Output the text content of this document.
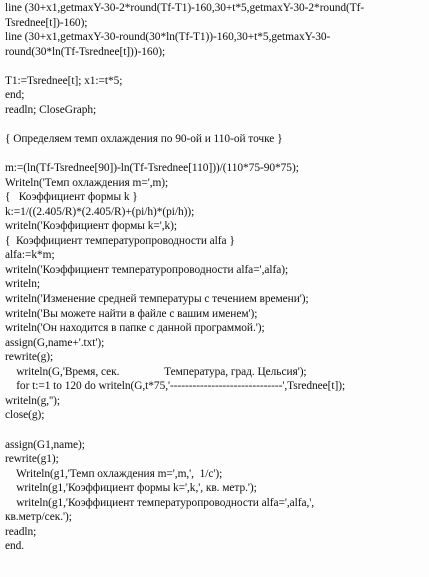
line (30+x1,getmaxY-30-2*round(Tf-T1)-160,30+t*5,getmaxY-30-2*round(Tf-
Tsrednee[t])-160);
line (30+x1,getmaxY-30-round(30*ln(Tf-T1))-160,30+t*5,getmaxY-30-
round(30*ln(Tf-Tsrednee[t]))-160);
T1:=Tsrednee[t]; x1:=t*5;
end;
readln; CloseGraph;
{ Определяем темп охлаждения по 90-ой и 110-ой точке }
m:=(ln(Tf-Tsrednee[90])-ln(Tf-Tsrednee[110]))/(110*75-90*75);
Writeln('Темп охлаждения m=',m);
{   Коэффициент формы k }
k:=1/((2.405/R)*(2.405/R)+(pi/h)*(pi/h));
writeln('Коэффициент формы k=',k);
{  Коэффициент температуропроводности alfa }
alfa:=k*m;
writeln('Коэффициент температуропроводности alfa=',alfa);
writeln;
writeln('Изменение средней температуры с течением времени');
writeln('Вы можете найти в файле с вашим именем');
writeln('Он находится в папке с данной программой.');
assign(G,name+'.txt');
rewrite(g);
writeln(G,'Время, сек.                Температура, град. Цельсия');
for t:=1 to 120 do writeln(G,t*75,'------------------------------',Tsrednee[t]);
writeln(g,'');
close(g);
assign(G1,name);
rewrite(g1);
Writeln(g1,'Темп охлаждения m=',m,',  1/c');
writeln(g1,'Коэффициент формы k=',k,', кв. метр.');
writeln(g1,'Коэффициент температуропроводности alfa=',alfa,',
кв.метр/сек.');
readln;
end.
